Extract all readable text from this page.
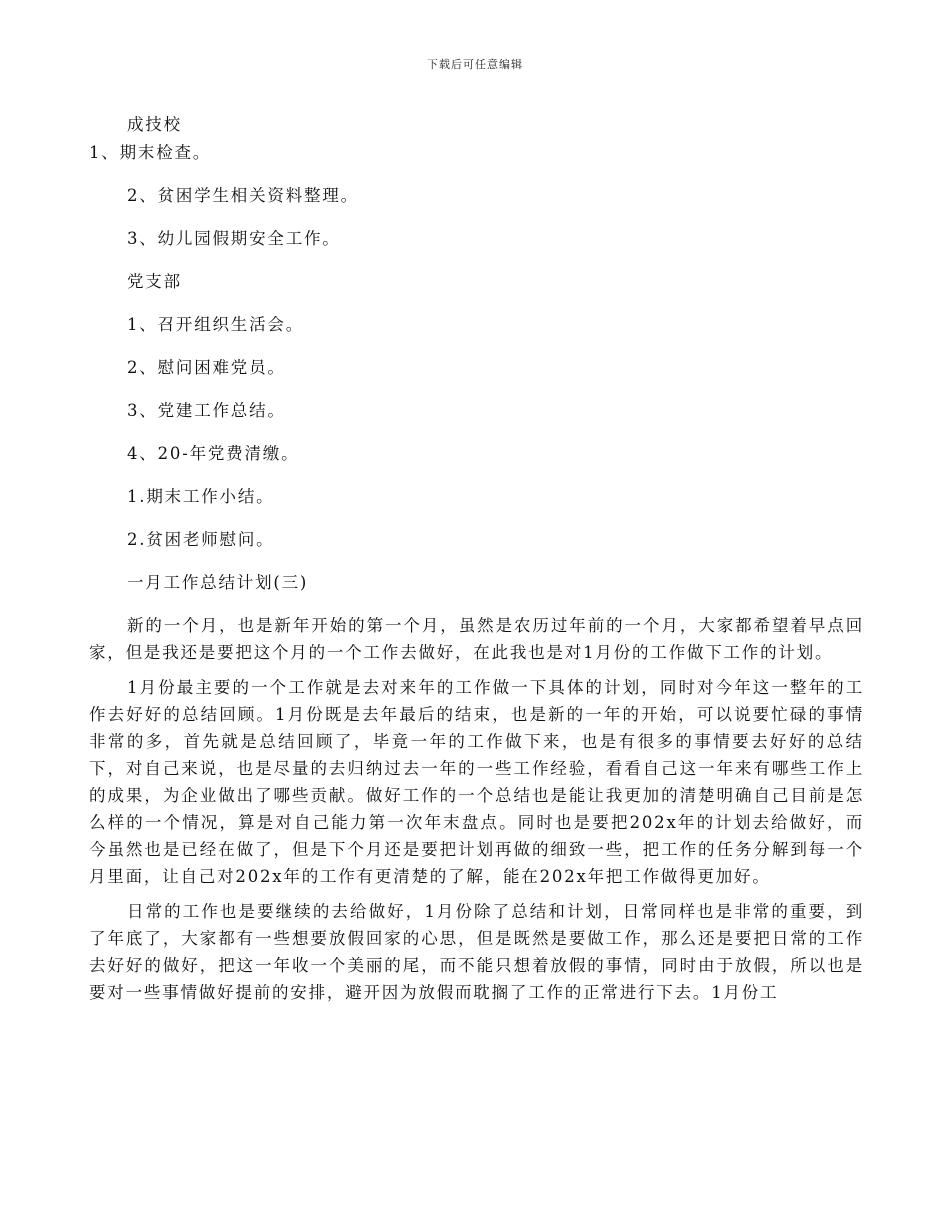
下载后可任意编辑
成技校
1、期末检查。
2、贫困学生相关资料整理。
3、幼儿园假期安全工作。
党支部
1、召开组织生活会。
2、慰问困难党员。
3、党建工作总结。
4、20-年党费清缴。
1.期末工作小结。
2.贫困老师慰问。
一月工作总结计划(三)

新的一个月，也是新年开始的第一个月，虽然是农历过年前的一个月，大家都希望着早点回家，但是我还是要把这个月的一个工作去做好，在此我也是对1月份的工作做下工作的计划。

1月份最主要的一个工作就是去对来年的工作做一下具体的计划，同时对今年这一整年的工作去好好的总结回顾。1月份既是去年最后的结束，也是新的一年的开始，可以说要忙碌的事情非常的多，首先就是总结回顾了，毕竟一年的工作做下来，也是有很多的事情要去好好的总结下，对自己来说，也是尽量的去归纳过去一年的一些工作经验，看看自己这一年来有哪些工作上的成果，为企业做出了哪些贡献。做好工作的一个总结也是能让我更加的清楚明确自己目前是怎么样的一个情况，算是对自己能力第一次年末盘点。同时也是要把202x年的计划去给做好，而今虽然也是已经在做了，但是下个月还是要把计划再做的细致一些，把工作的任务分解到每一个月里面，让自己对202x年的工作有更清楚的了解，能在202x年把工作做得更加好。

日常的工作也是要继续的去给做好，1月份除了总结和计划，日常同样也是非常的重要，到了年底了，大家都有一些想要放假回家的心思，但是既然是要做工作，那么还是要把日常的工作去好好的做好，把这一年收一个美丽的尾，而不能只想着放假的事情，同时由于放假，所以也是要对一些事情做好提前的安排，避开因为放假而耽搁了工作的正常进行下去。1月份工
